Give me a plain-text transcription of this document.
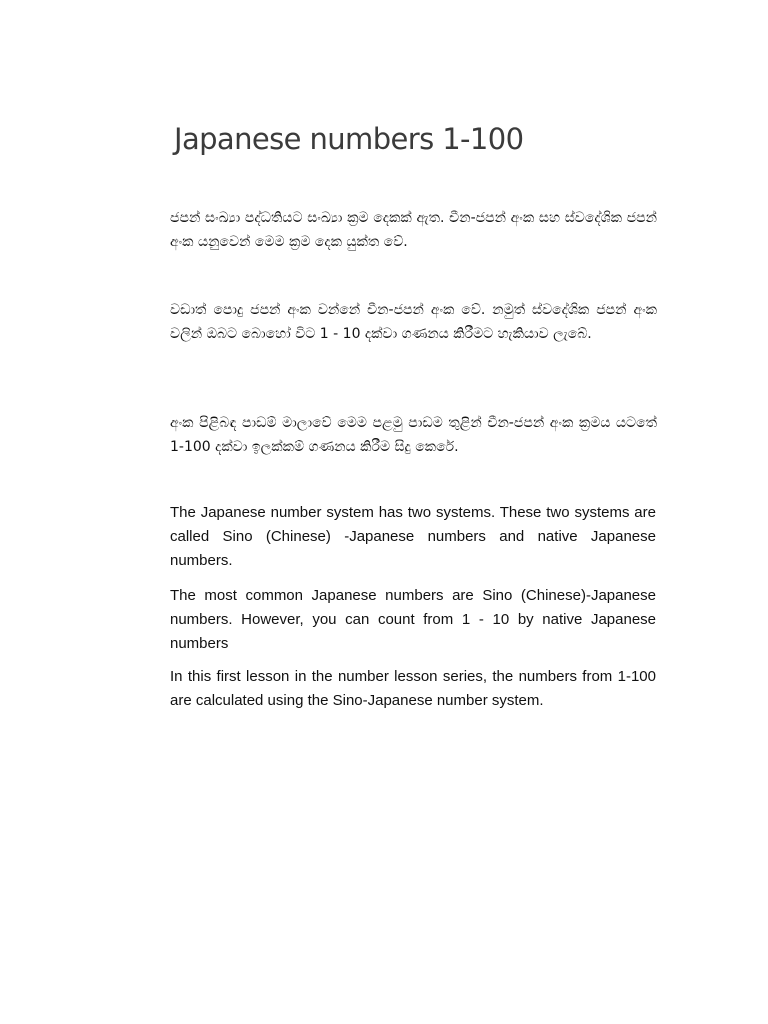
Japanese numbers 1-100

ජපන් සංඛ්‍යා පද්ධතියට සංඛ්‍යා ක්‍රම දෙකක් ඇත. චීන-ජපන් අංක සහ ස්වදේශික ජපන් අංක යනුවෙන් මෙම ක්‍රම දෙක යුක්ත වේ.

වඩාත් පොදු ජපන් අංක වන්නේ චීන-ජපන් අංක වේ. නමුත් ස්වදේශික ජපන් අංක වලින් ඔබට බොහෝ විට 1 - 10 දක්වා ගණනය කිරීමට හැකියාව ලැබේ.

අංක පිළිබඳ පාඩම් මාලාවේ මෙම පළමු පාඩම තුළින් චීන-ජපන් අංක ක්‍රමය යටතේ 1-100 දක්වා ඉලක්කම් ගණනය කිරීම සිදු කෙරේ.

The Japanese number system has two systems. These two systems are called Sino (Chinese) -Japanese numbers and native Japanese numbers.

The most common Japanese numbers are Sino (Chinese)-Japanese numbers. However, you can count from 1 - 10 by native Japanese numbers

In this first lesson in the number lesson series, the numbers from 1-100 are calculated using the Sino-Japanese number system.
